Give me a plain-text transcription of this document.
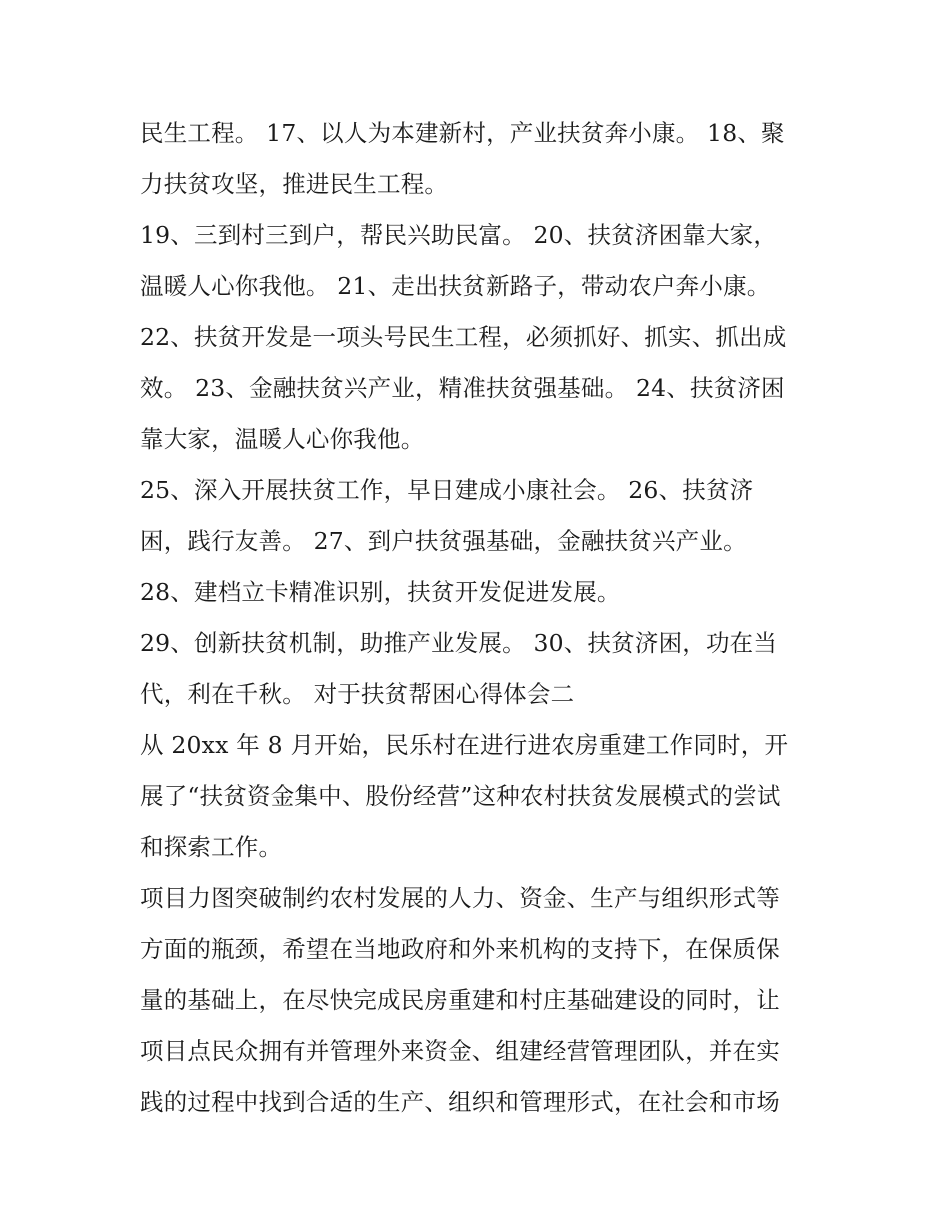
民生工程。 17、以人为本建新村，产业扶贫奔小康。 18、聚
力扶贫攻坚，推进民生工程。
19、三到村三到户，帮民兴助民富。 20、扶贫济困靠大家，
温暖人心你我他。 21、走出扶贫新路子，带动农户奔小康。
22、扶贫开发是一项头号民生工程，必须抓好、抓实、抓出成
效。 23、金融扶贫兴产业，精准扶贫强基础。 24、扶贫济困
靠大家，温暖人心你我他。
25、深入开展扶贫工作，早日建成小康社会。 26、扶贫济
困，践行友善。 27、到户扶贫强基础，金融扶贫兴产业。
28、建档立卡精准识别，扶贫开发促进发展。
29、创新扶贫机制，助推产业发展。 30、扶贫济困，功在当
代，利在千秋。 对于扶贫帮困心得体会二
从 20xx 年 8 月开始，民乐村在进行进农房重建工作同时，开
展了“扶贫资金集中、股份经营”这种农村扶贫发展模式的尝试
和探索工作。
项目力图突破制约农村发展的人力、资金、生产与组织形式等
方面的瓶颈，希望在当地政府和外来机构的支持下，在保质保
量的基础上，在尽快完成民房重建和村庄基础建设的同时，让
项目点民众拥有并管理外来资金、组建经营管理团队，并在实
践的过程中找到合适的生产、组织和管理形式，在社会和市场
